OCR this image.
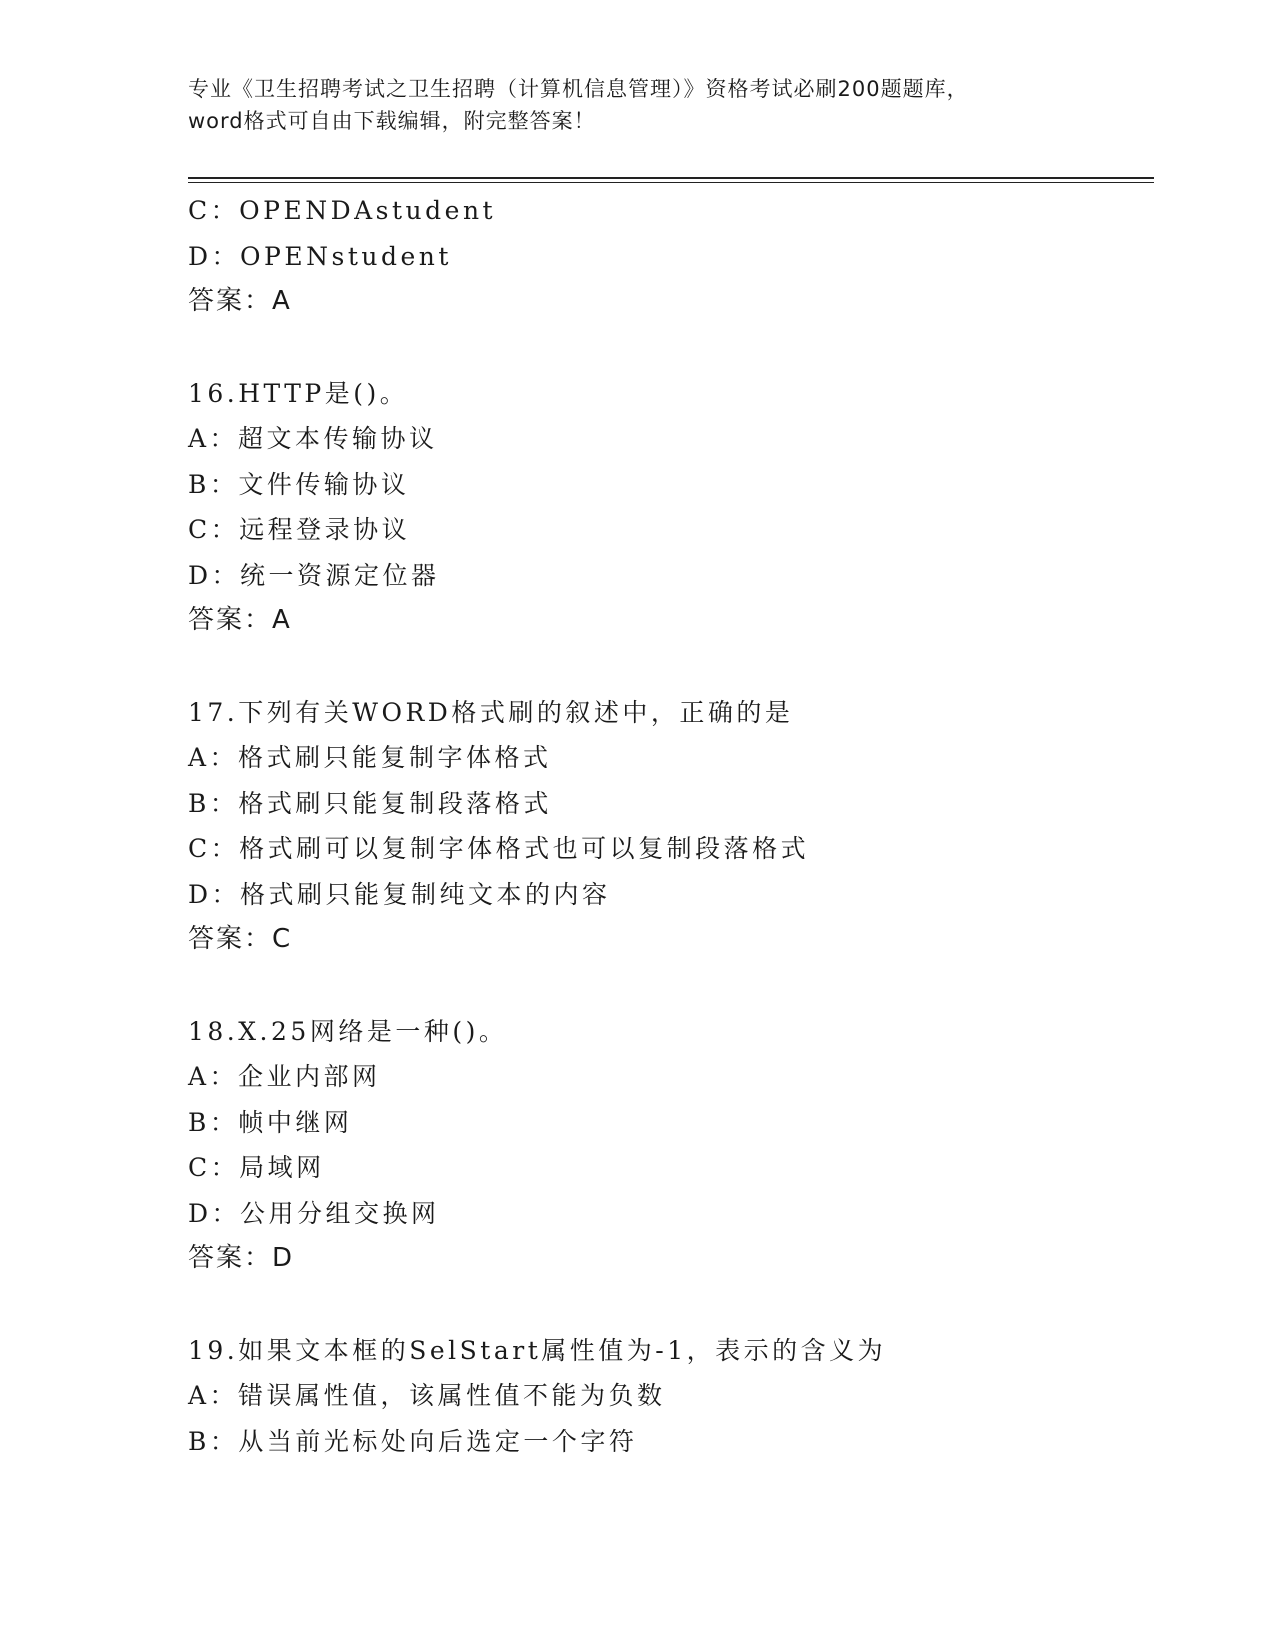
专业《卫生招聘考试之卫生招聘（计算机信息管理）》资格考试必刷200题题库，
word格式可自由下载编辑，附完整答案！
C：OPENDAstudent
D：OPENstudent
答案：A
16.HTTP是()。
A：超文本传输协议
B：文件传输协议
C：远程登录协议
D：统一资源定位器
答案：A
17.下列有关WORD格式刷的叙述中，正确的是
A：格式刷只能复制字体格式
B：格式刷只能复制段落格式
C：格式刷可以复制字体格式也可以复制段落格式
D：格式刷只能复制纯文本的内容
答案：C
18.X.25网络是一种()。
A：企业内部网
B：帧中继网
C：局域网
D：公用分组交换网
答案：D
19.如果文本框的SelStart属性值为-1，表示的含义为
A：错误属性值，该属性值不能为负数
B：从当前光标处向后选定一个字符
